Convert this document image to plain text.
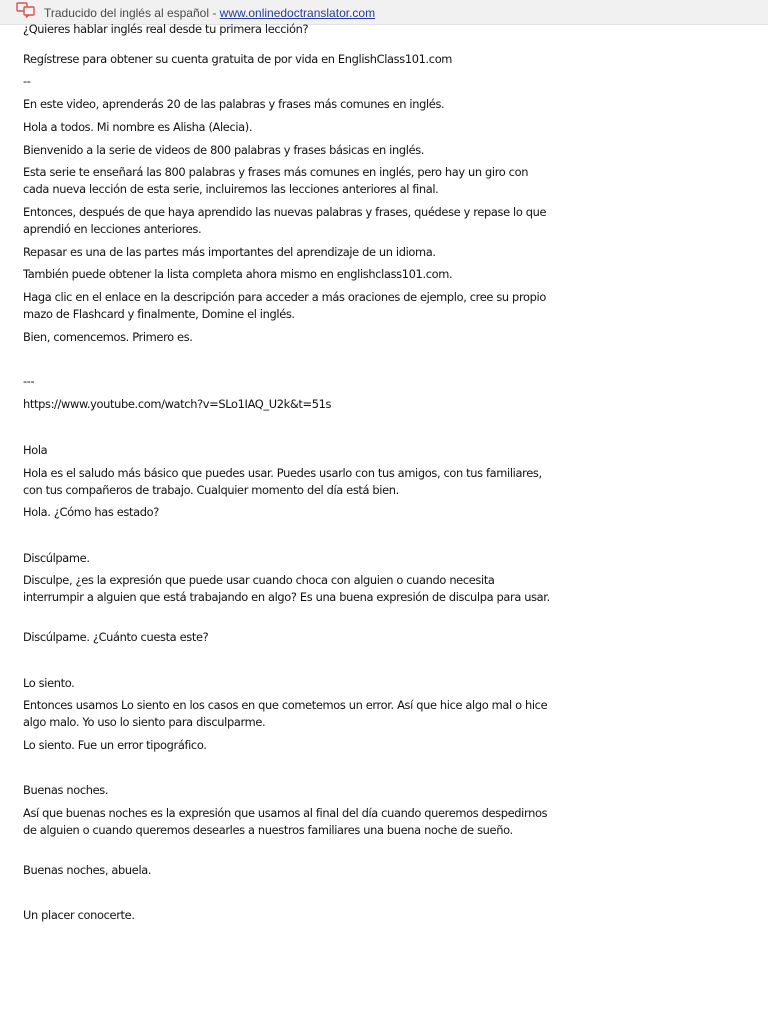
Traducido del inglés al español - www.onlinedoctranslator.com

¿Quieres hablar inglés real desde tu primera lección?

Regístrese para obtener su cuenta gratuita de por vida en EnglishClass101.com

--

En este video, aprenderás 20 de las palabras y frases más comunes en inglés.

Hola a todos. Mi nombre es Alisha (Alecia).

Bienvenido a la serie de videos de 800 palabras y frases básicas en inglés.

Esta serie te enseñará las 800 palabras y frases más comunes en inglés, pero hay un giro con cada nueva lección de esta serie, incluiremos las lecciones anteriores al final.

Entonces, después de que haya aprendido las nuevas palabras y frases, quédese y repase lo que aprendió en lecciones anteriores.

Repasar es una de las partes más importantes del aprendizaje de un idioma.

También puede obtener la lista completa ahora mismo en englishclass101.com.

Haga clic en el enlace en la descripción para acceder a más oraciones de ejemplo, cree su propio mazo de Flashcard y finalmente, Domine el inglés.

Bien, comencemos. Primero es.

---

https://www.youtube.com/watch?v=SLo1IAQ_U2k&t=51s

Hola

Hola es el saludo más básico que puedes usar. Puedes usarlo con tus amigos, con tus familiares, con tus compañeros de trabajo. Cualquier momento del día está bien.

Hola. ¿Cómo has estado?

Discúlpame.

Disculpe, ¿es la expresión que puede usar cuando choca con alguien o cuando necesita interrumpir a alguien que está trabajando en algo? Es una buena expresión de disculpa para usar.

Discúlpame. ¿Cuánto cuesta este?

Lo siento.

Entonces usamos Lo siento en los casos en que cometemos un error. Así que hice algo mal o hice algo malo. Yo uso lo siento para disculparme.

Lo siento. Fue un error tipográfico.

Buenas noches.

Así que buenas noches es la expresión que usamos al final del día cuando queremos despedirnos de alguien o cuando queremos desearles a nuestros familiares una buena noche de sueño.

Buenas noches, abuela.

Un placer conocerte.
